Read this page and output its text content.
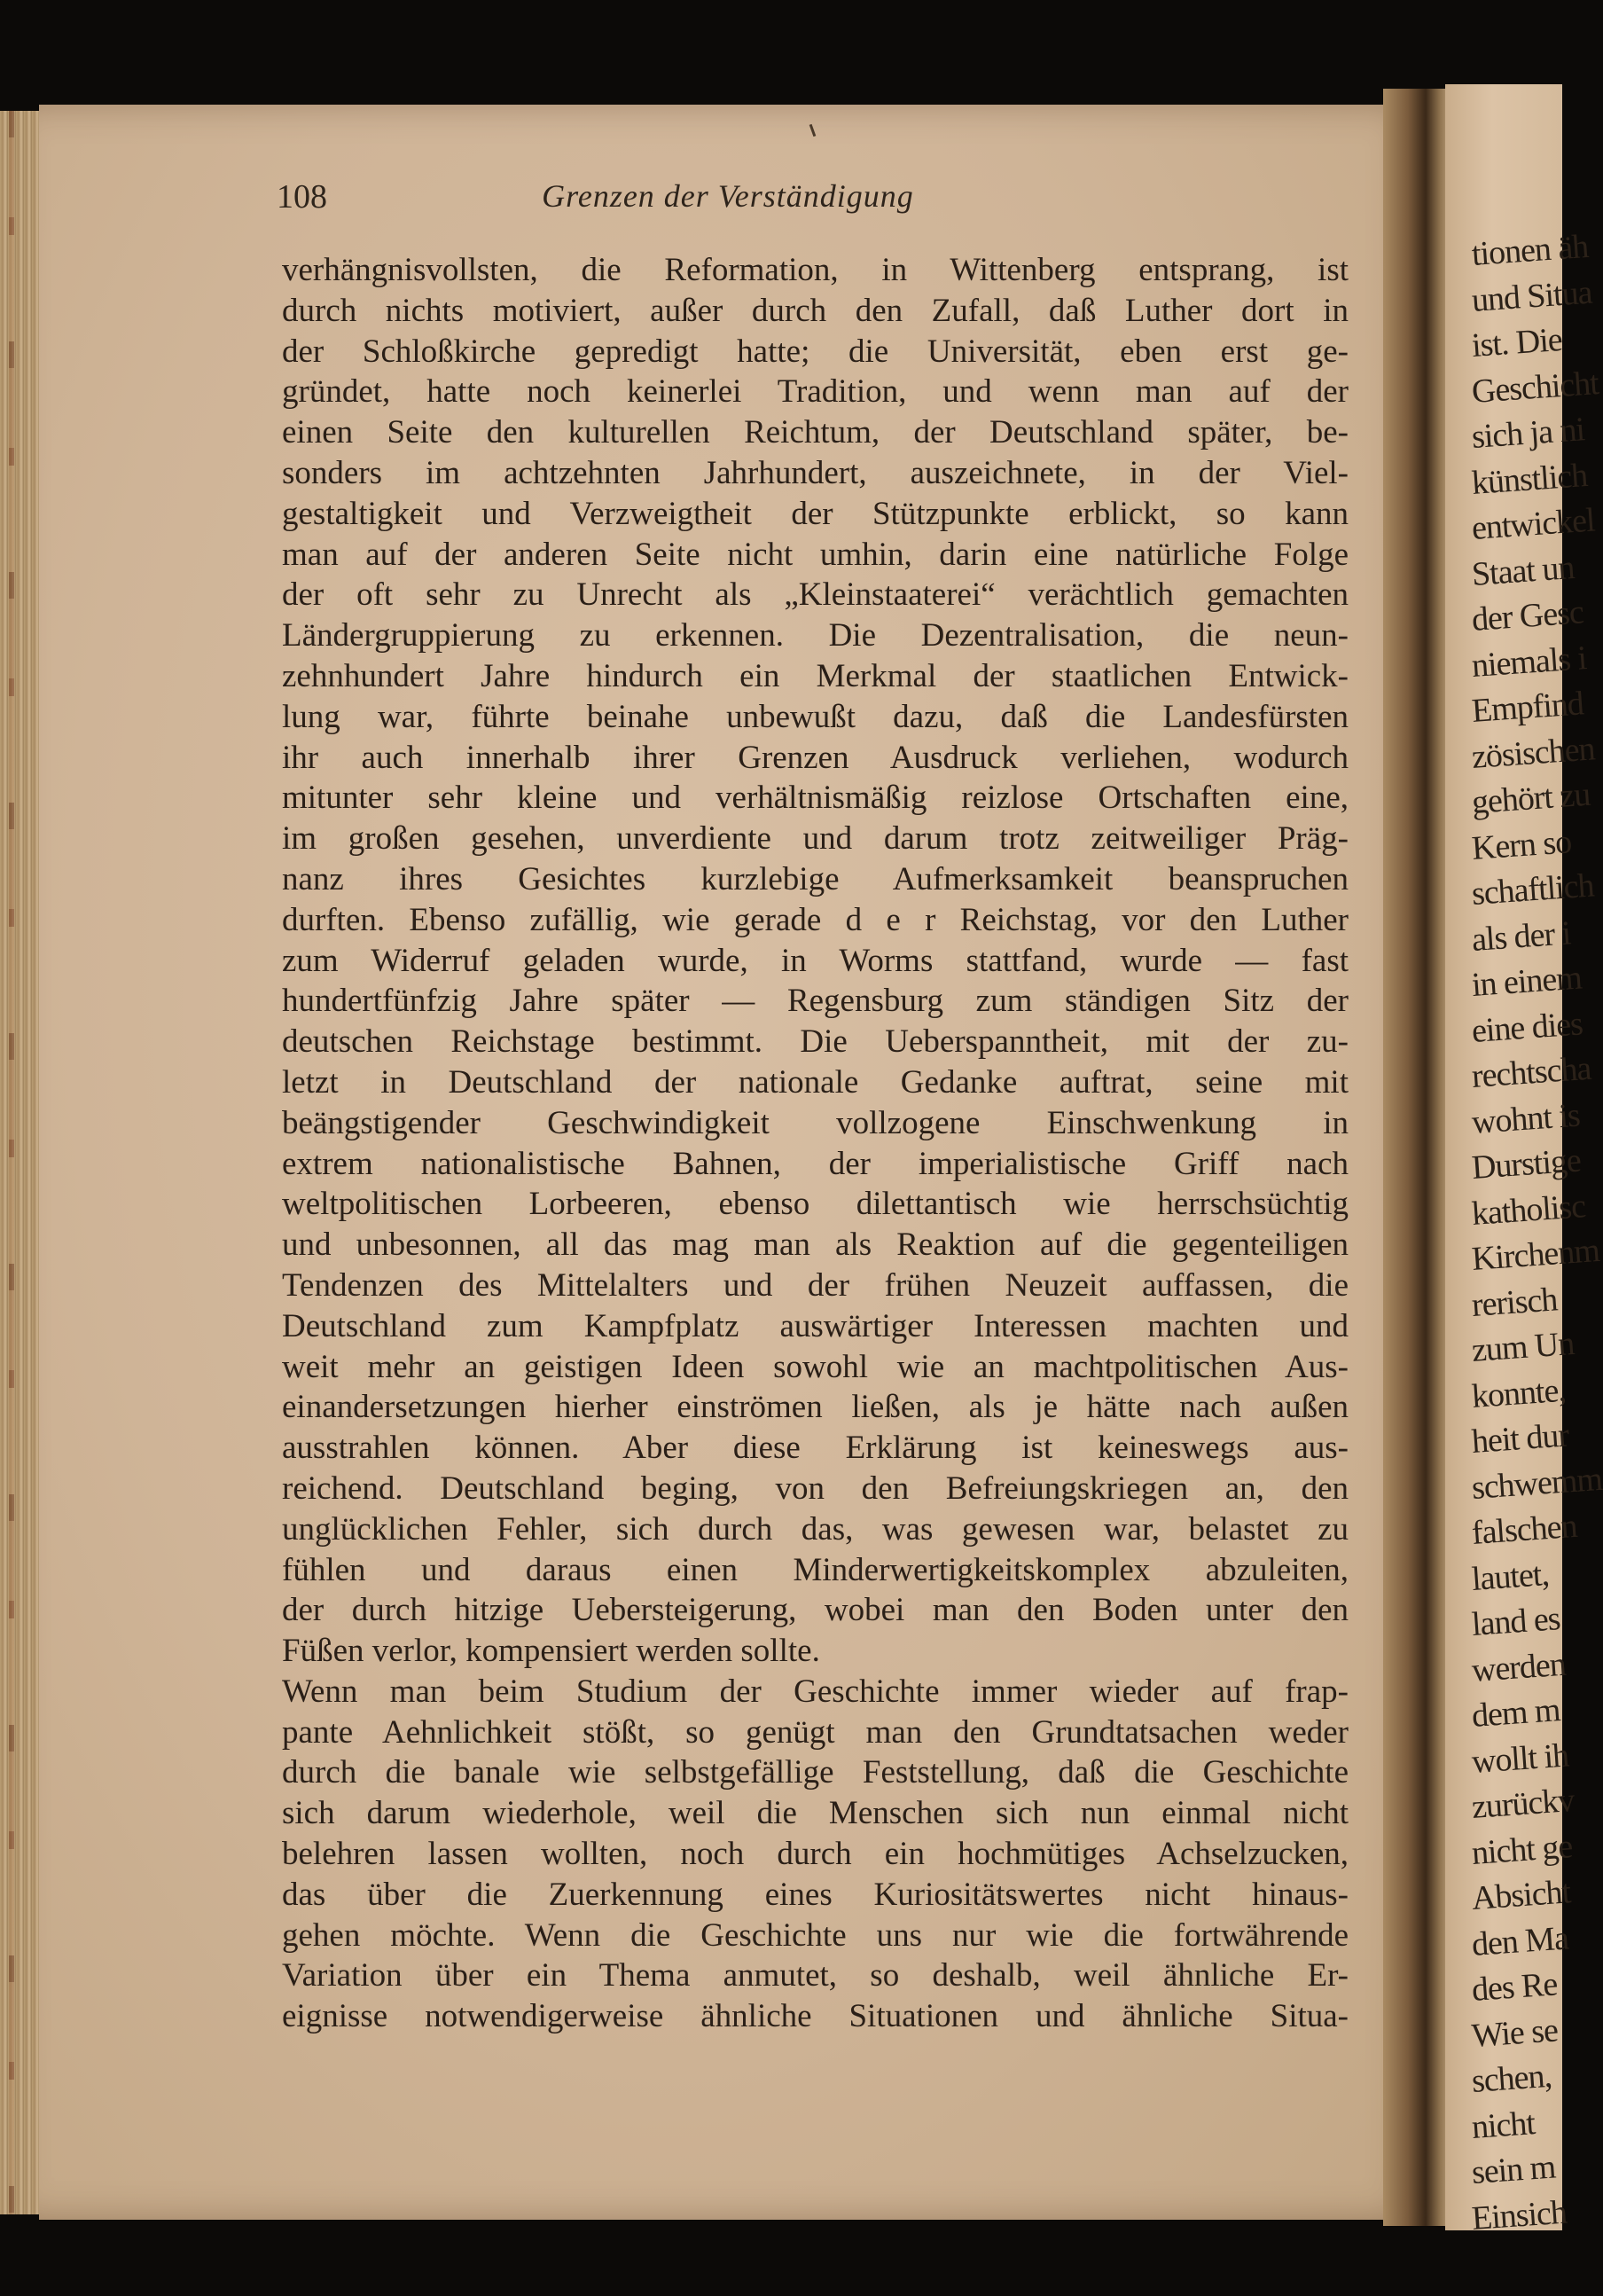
108	Grenzen der Verständigung
verhängnisvollsten, die Reformation, in Wittenberg entsprang, ist
durch nichts motiviert, außer durch den Zufall, daß Luther dort in
der Schloßkirche gepredigt hatte; die Universität, eben erst ge-
gründet, hatte noch keinerlei Tradition, und wenn man auf der
einen Seite den kulturellen Reichtum, der Deutschland später, be-
sonders im achtzehnten Jahrhundert, auszeichnete, in der Viel-
gestaltigkeit und Verzweigtheit der Stützpunkte erblickt, so kann
man auf der anderen Seite nicht umhin, darin eine natürliche Folge
der oft sehr zu Unrecht als „Kleinstaaterei“ verächtlich gemachten
Ländergruppierung zu erkennen. Die Dezentralisation, die neun-
zehnhundert Jahre hindurch ein Merkmal der staatlichen Entwick-
lung war, führte beinahe unbewußt dazu, daß die Landesfürsten
ihr auch innerhalb ihrer Grenzen Ausdruck verliehen, wodurch
mitunter sehr kleine und verhältnismäßig reizlose Ortschaften eine,
im großen gesehen, unverdiente und darum trotz zeitweiliger Präg-
nanz ihres Gesichtes kurzlebige Aufmerksamkeit beanspruchen
durften. Ebenso zufällig, wie gerade d e r Reichstag, vor den Luther
zum Widerruf geladen wurde, in Worms stattfand, wurde — fast
hundertfünfzig Jahre später — Regensburg zum ständigen Sitz der
deutschen Reichstage bestimmt. Die Ueberspanntheit, mit der zu-
letzt in Deutschland der nationale Gedanke auftrat, seine mit
beängstigender Geschwindigkeit vollzogene Einschwenkung in
extrem nationalistische Bahnen, der imperialistische Griff nach
weltpolitischen Lorbeeren, ebenso dilettantisch wie herrschsüchtig
und unbesonnen, all das mag man als Reaktion auf die gegenteiligen
Tendenzen des Mittelalters und der frühen Neuzeit auffassen, die
Deutschland zum Kampfplatz auswärtiger Interessen machten und
weit mehr an geistigen Ideen sowohl wie an machtpolitischen Aus-
einandersetzungen hierher einströmen ließen, als je hätte nach außen
ausstrahlen können. Aber diese Erklärung ist keineswegs aus-
reichend. Deutschland beging, von den Befreiungskriegen an, den
unglücklichen Fehler, sich durch das, was gewesen war, belastet zu
fühlen und daraus einen Minderwertigkeitskomplex abzuleiten,
der durch hitzige Uebersteigerung, wobei man den Boden unter den
Füßen verlor, kompensiert werden sollte.
Wenn man beim Studium der Geschichte immer wieder auf frap-
pante Aehnlichkeit stößt, so genügt man den Grundtatsachen weder
durch die banale wie selbstgefällige Feststellung, daß die Geschichte
sich darum wiederhole, weil die Menschen sich nun einmal nicht
belehren lassen wollten, noch durch ein hochmütiges Achselzucken,
das über die Zuerkennung eines Kuriositätswertes nicht hinaus-
gehen möchte. Wenn die Geschichte uns nur wie die fortwährende
Variation über ein Thema anmutet, so deshalb, weil ähnliche Er-
eignisse notwendigerweise ähnliche Situationen und ähnliche Situa-
tionen äh
und Situa
ist. Die
Geschicht
sich ja ni
künstlich
entwickel
Staat un
der Gesc
niemals i
Empfind
zösischen
gehört zu
Kern so
schaftlich
als der i
in einem
eine dies
rechtscha
wohnt is
Durstige
katholisc
Kirchenm
rerisch
zum Un
konnte,
heit dur
schwemm
falschen
lautet,
land es
werden
dem m
wollt ih
zurückv
nicht ge
Absicht
den Ma
des Re
Wie se
schen,
nicht
sein m
Einsich
